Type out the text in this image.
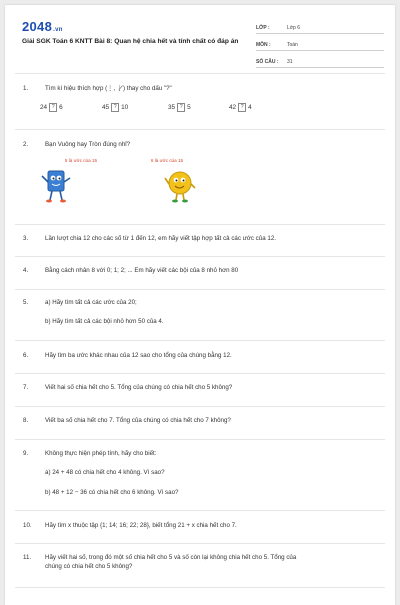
2048.vn
Giải SGK Toán 6 KNTT Bài 8: Quan hệ chia hết và tính chất có đáp án
LỚP :	Lớp 6
MÔN :	Toán
SỐ CÂU :	31
1.	Tìm kí hiệu thích hợp (⋮, ⋮̸) thay cho dấu "?"
24 ? 6	45 ? 10	35 ? 5	42 ? 4
2.	Bạn Vuông hay Tròn đúng nhỉ?
5 là ước của 15	6 là ước của 15
3.	Lần lượt chia 12 cho các số từ 1 đến 12, em hãy viết tập hợp tất cả các ước của 12.
4.	Bằng cách nhân 8 với 0; 1; 2; ... Em hãy viết các bội của 8 nhỏ hơn 80
5.	a) Hãy tìm tất cả các ước của 20;
b) Hãy tìm tất cả các bội nhỏ hơn 50 của 4.
6.	Hãy tìm ba ước khác nhau của 12 sao cho tổng của chúng bằng 12.
7.	Viết hai số chia hết cho 5. Tổng của chúng có chia hết cho 5 không?
8.	Viết ba số chia hết cho 7. Tổng của chúng có chia hết cho 7 không?
9.	Không thực hiện phép tính, hãy cho biết:
a) 24 + 48 có chia hết cho 4 không. Vì sao?
b) 48 + 12 − 36 có chia hết cho 6 không. Vì sao?
10.	Hãy tìm x thuộc tập {1; 14; 16; 22; 28}, biết tổng 21 + x chia hết cho 7.
11.	Hãy viết hai số, trong đó một số chia hết cho 5 và số còn lại không chia hết cho 5. Tổng của
chúng có chia hết cho 5 không?
